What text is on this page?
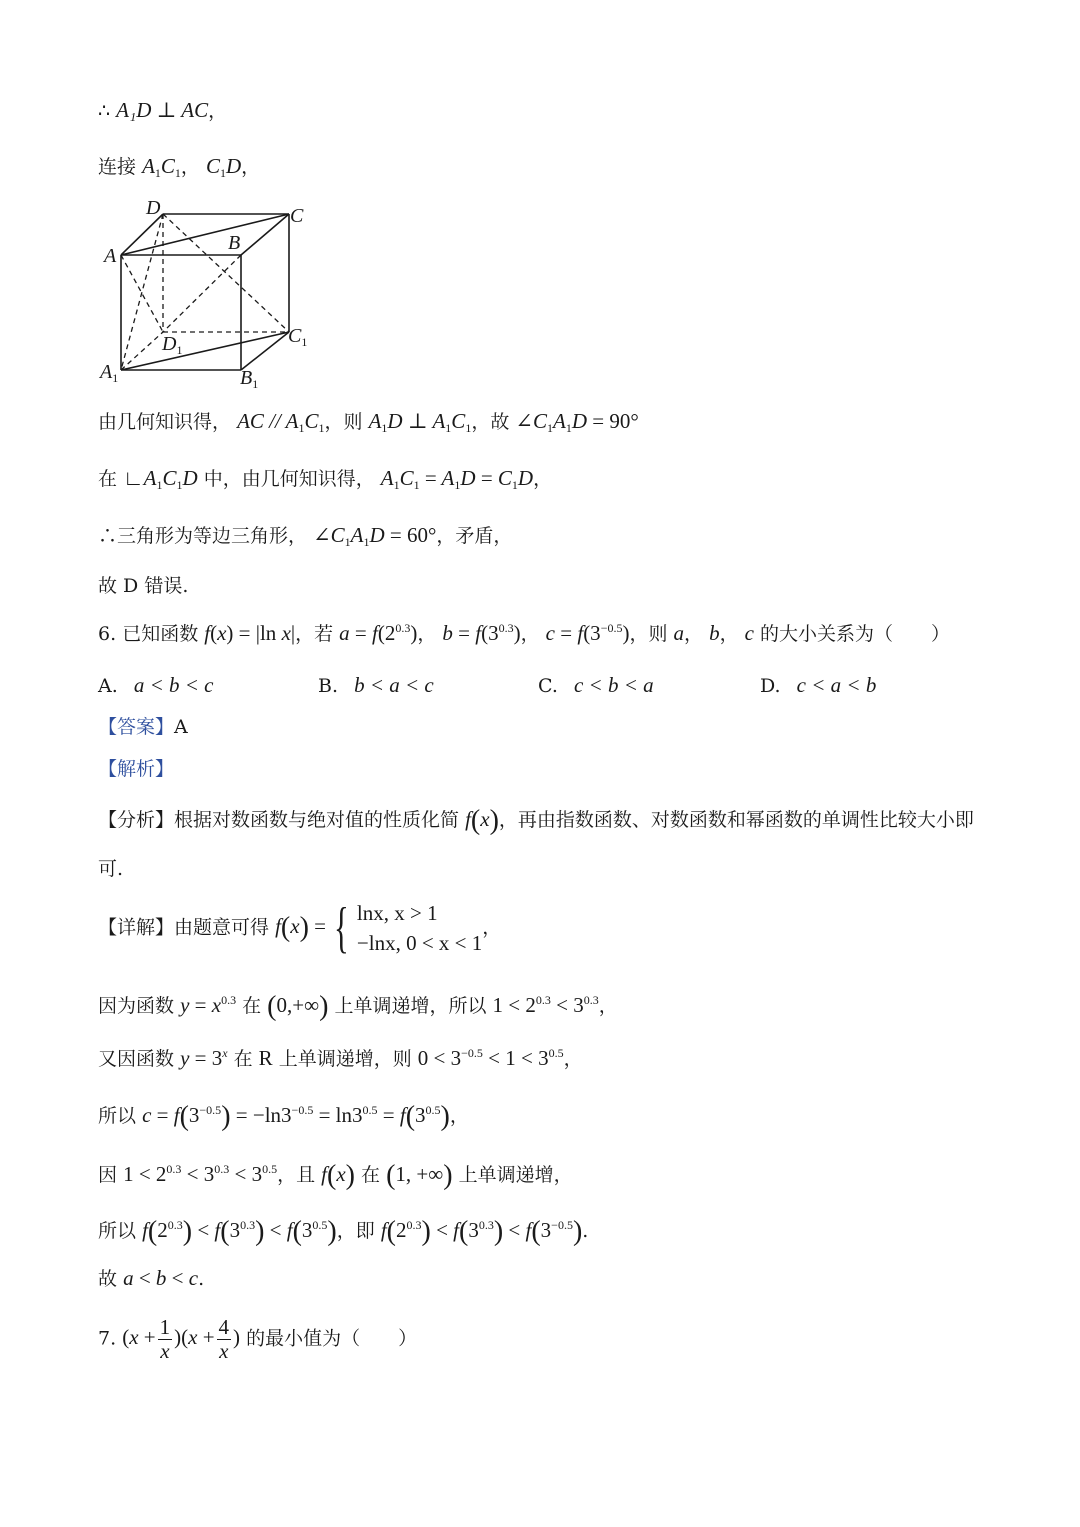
∴ A₁D ⊥ AC，
连接 $A_1C_1$， $C_1D$，
D	C
B
A
$D_1$
$C_1$
$A_1$	$B_1$
由几何知识得， AC // $A_1C_1$，则 $A_1D$ ⊥ $A_1C_1$，故 $\angle C_1A_1D = 90^\circ$
在 $∟A_1C_1D$ 中，由几何知识得， $A_1C_1 = A_1D = C_1D$，
∴三角形为等边三角形， $\angle C_1A_1D = 60^\circ$，矛盾，
故 D 错误.
6. 已知函数 f(x) = |ln x|，若 $a = f(2^{0.3})$， $b = f(3^{0.3})$， $c = f(3^{-0.5})$，则 a， b， c 的大小关系为（　　）
A. a < b < c	B. b < a < c	C. c < b < a	D. c < a < b
【答案】A
【解析】
【分析】根据对数函数与绝对值的性质化简 f(x)，再由指数函数、对数函数和幂函数的单调性比较大小即
可.
【详解】由题意可得 f(x) = { lnx, x > 1
−lnx, 0 < x < 1
，
因为函数 $y = x^{0.3}$ 在 (0,+∞) 上单调递增，所以 $1 < 2^{0.3} < 3^{0.3}$，
又因函数 $y = 3^x$ 在 R 上单调递增，则 $0 < 3^{-0.5} < 1 < 3^{0.5}$，
所以 $c = f(3^{-0.5}) = -\ln 3^{-0.5} = \ln 3^{0.5} = f(3^{0.5})$，
因 $1 < 2^{0.3} < 3^{0.3} < 3^{0.5}$，且 f(x) 在 (1, +∞) 上单调递增，
所以 $f(2^{0.3}) < f(3^{0.3}) < f(3^{0.5})$，即 $f(2^{0.3}) < f(3^{0.3}) < f(3^{-0.5})$.
故 a < b < c.
7. $(x + \frac{1}{x} )(x + \frac{4}{x}$ ) 的最小值为（　　）
